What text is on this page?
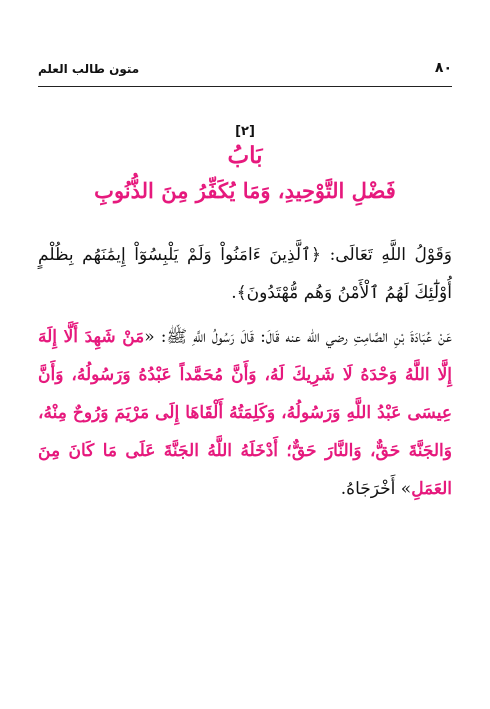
٨٠
متون طالب العلم
[٢]
بَابُ
فَضْلِ التَّوْحِيدِ، وَمَا يُكَفِّرُ مِنَ الذُّنُوبِ

وَقَوْلُ اللَّهِ تَعَالَى: ﴿ٱلَّذِينَ ءَامَنُواْ وَلَمْ يَلْبِسُوٓاْ إِيمَٰنَهُم بِظُلْمٍ أُوْلَٰٓئِكَ لَهُمُ ٱلْأَمْنُ وَهُم مُّهْتَدُونَ﴾.

عَنْ عُبَادَةَ بْنِ الصَّامِتِ رضي الله عنه قَالَ: قَالَ رَسُولُ اللَّهِ ﷺ: «مَنْ شَهِدَ أَلَّا إِلَهَ إِلَّا اللَّهُ وَحْدَهُ لَا شَرِيكَ لَهُ، وَأَنَّ مُحَمَّداً عَبْدُهُ وَرَسُولُهُ، وَأَنَّ عِيسَى عَبْدُ اللَّهِ وَرَسُولُهُ، وَكَلِمَتُهُ أَلْقَاهَا إِلَى مَرْيَمَ وَرُوحٌ مِنْهُ، وَالجَنَّةَ حَقٌّ، وَالنَّارَ حَقٌّ؛ أَدْخَلَهُ اللَّهُ الجَنَّةَ عَلَى مَا كَانَ مِنَ العَمَلِ» أَخْرَجَاهُ.
